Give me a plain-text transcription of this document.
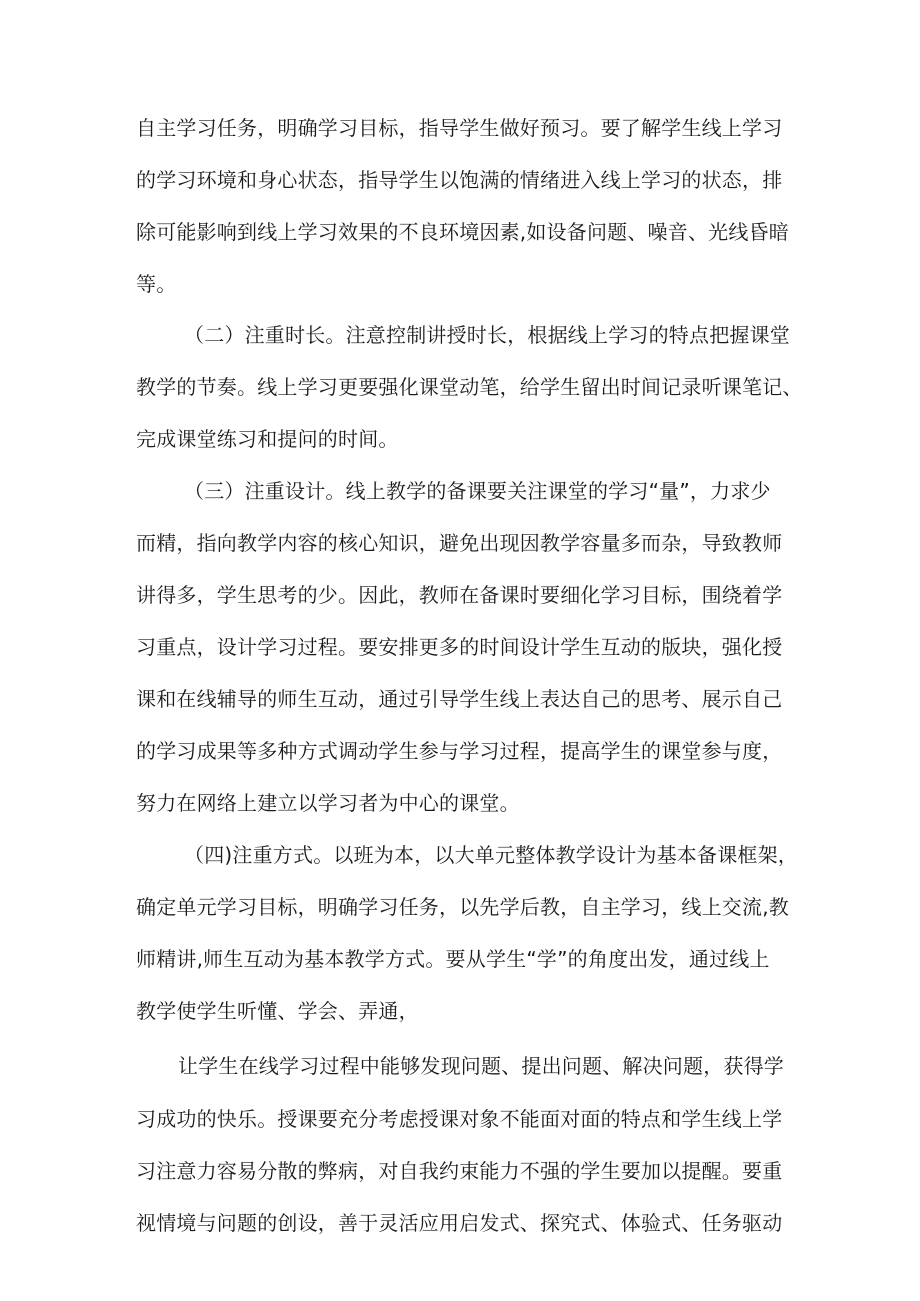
自主学习任务，明确学习目标，指导学生做好预习。要了解学生线上学习
的学习环境和身心状态，指导学生以饱满的情绪进入线上学习的状态，排
除可能影响到线上学习效果的不良环境因素,如设备问题、噪音、光线昏暗
等。
（二）注重时长。注意控制讲授时长，根据线上学习的特点把握课堂
教学的节奏。线上学习更要强化课堂动笔，给学生留出时间记录听课笔记、
完成课堂练习和提问的时间。
（三）注重设计。线上教学的备课要关注课堂的学习“量”，力求少
而精，指向教学内容的核心知识，避免出现因教学容量多而杂，导致教师
讲得多，学生思考的少。因此，教师在备课时要细化学习目标，围绕着学
习重点，设计学习过程。要安排更多的时间设计学生互动的版块，强化授
课和在线辅导的师生互动，通过引导学生线上表达自己的思考、展示自己
的学习成果等多种方式调动学生参与学习过程，提高学生的课堂参与度，
努力在网络上建立以学习者为中心的课堂。
（四)注重方式。以班为本，以大单元整体教学设计为基本备课框架，
确定单元学习目标，明确学习任务，以先学后教，自主学习，线上交流,教
师精讲,师生互动为基本教学方式。要从学生“学”的角度出发，通过线上
教学使学生听懂、学会、弄通，
让学生在线学习过程中能够发现问题、提出问题、解决问题，获得学
习成功的快乐。授课要充分考虑授课对象不能面对面的特点和学生线上学
习注意力容易分散的弊病，对自我约束能力不强的学生要加以提醒。要重
视情境与问题的创设，善于灵活应用启发式、探究式、体验式、任务驱动
